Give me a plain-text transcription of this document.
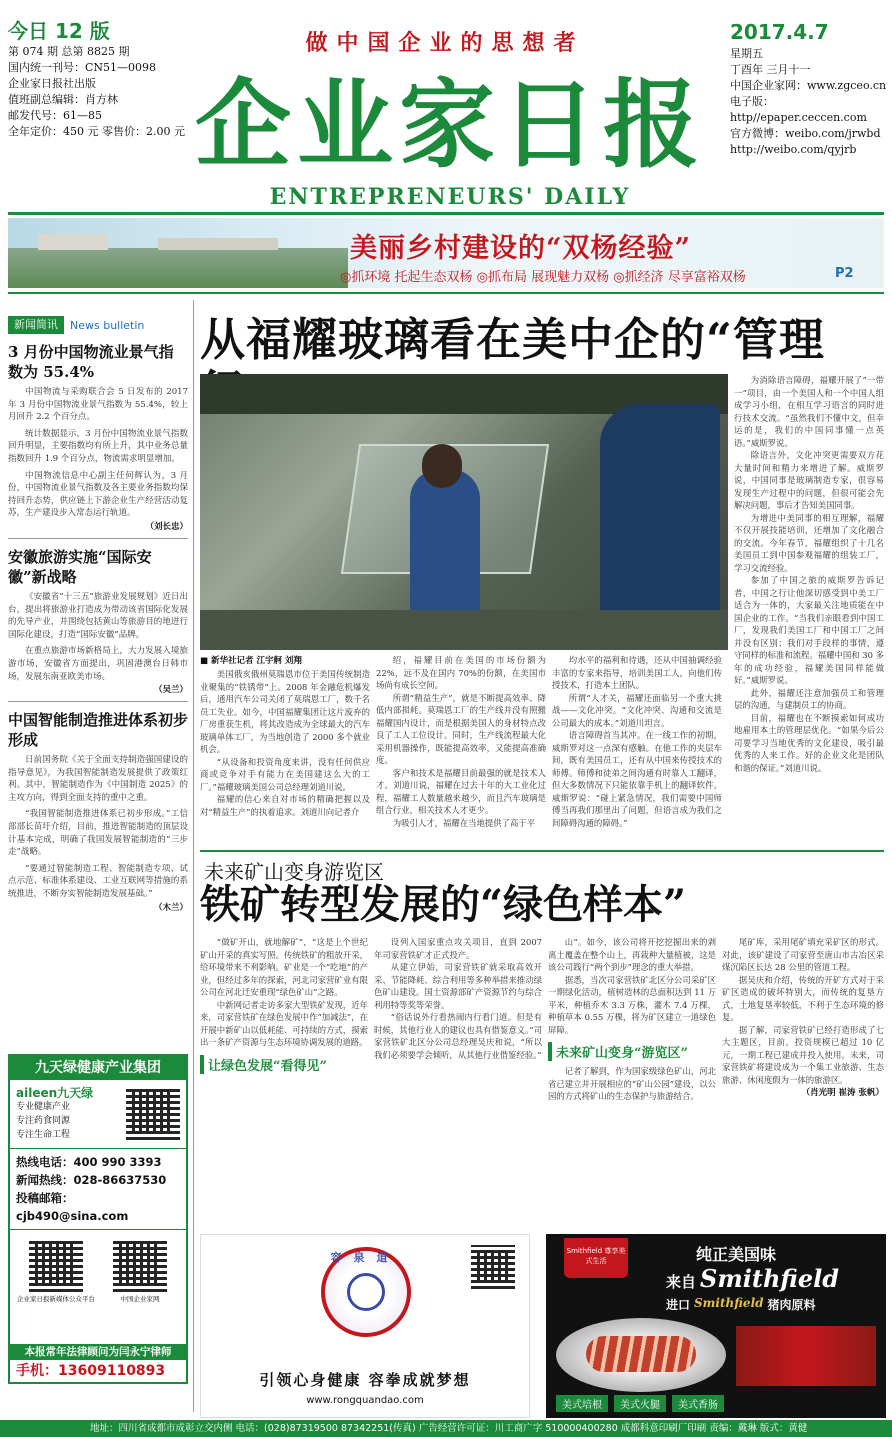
今日 12 版
第 074 期 总第 8825 期
国内统一刊号：CN51—0098
企业家日报社出版
值班副总编辑：肖方林
邮发代号：61—85
全年定价：450 元 零售价：2.00 元
做中国企业的思想者
企业家日报
ENTREPRENEURS' DAILY
2017.4.7
星期五
丁酉年 三月十一
中国企业家网：www.zgceo.cn
电子版：http//epaper.ceccen.com
官方微博：weibo.com/jrwbd
http://weibo.com/qyjrb
美丽乡村建设的“双杨经验”
◎抓环境 托起生态双杨 ◎抓布局 展现魅力双杨 ◎抓经济 尽享富裕双杨	P2
新闻简讯	News bulletin
3 月份中国物流业景气指数为 55.4%
中国物流与采购联合会 5 日发布的 2017 年 3 月份中国物流业景气指数为 55.4%，较上月回升 2.2 个百分点。
统计数据显示，3 月份中国物流业景气指数回升明显，主要指数均有所上升，其中业务总量指数回升 1.9 个百分点，物流需求明显增加。
中国物流信息中心副主任何辉认为，3 月份，中国物流业景气指数及各主要业务指数均保持回升态势，供应链上下游企业生产经营活动复苏，生产建设步入常态运行轨道。
（刘长忠）
安徽旅游实施“国际安徽”新战略
《安徽省“十三五”旅游业发展规划》近日出台，提出将旅游业打造成为带动该省国际化发展的先导产业，并围绕包括黄山等旅游目的地进行国际化建设，打造“国际安徽”品牌。
在重点旅游市场新格局上，大力发展入境旅游市场，安徽省方面提出，巩固港澳台日韩市场，发展东南亚欧美市场。
（吴兰）
中国智能制造推进体系初步形成
日前国务院《关于全面支持制造强国建设的指导意见》，为我国智能制造发展提供了政策红利。其中，智能制造作为《中国制造 2025》的主攻方向，得到全面支持的重中之重。
“我国智能制造推进体系已初步形成。”工信部部长苗圩介绍，目前，推进智能制造的顶层设计基本完成，明确了我国发展智能制造的“三步走”战略。
“要通过智能制造工程、智能制造专项、试点示范、标准体系建设、工业互联网等措施的系统推进，不断夯实智能制造发展基础。”
（木兰）
九天绿健康产业集团
aileen九天绿
专业健康产业
专注药食同源
专注生命工程
热线电话：400 990 3393
新闻热线：028-86637530
投稿邮箱：cjb490@sina.com
企业家日报新媒体公众平台	中国企业家网
本报常年法律顾问为闫永宁律师
手机：13609110893
从福耀玻璃看在美中企的“管理
■ 新华社记者 江宇舸 刘翔

美国俄亥俄州莫瑞恩市位于美国传统制造业聚集的“铁锈带”上。2008 年金融危机爆发后，通用汽车公司关闭了莫瑞恩工厂，数千名员工失业。如今，中国福耀集团让这片废弃的厂房重获生机，将其改造成为全球最大的汽车玻璃单体工厂，为当地创造了 2000 多个就业机会。

“从设备和投资角度来讲，没有任何供应商或竞争对手有能力在美国建这么大的工厂。”福耀玻璃美国公司总经理刘道川说。

福耀的信心来自对市场的精确把握以及对“精益生产”的执着追求。刘道川向记者介

绍，福耀目前在美国的市场份额为 22%，远不及在国内 70%的份额，在美国市场尚有成长空间。

所谓“精益生产”，就是不断提高效率、降低内部损耗。莫瑞恩工厂的生产线并没有照搬福耀国内设计，而是根据美国人的身材特点改良了工人工位设计。同时，生产线流程最大化采用机器操作，既能提高效率，又能提高准确度。

客户和技术是福耀目前最强的就是技术人才。刘道川说，福耀在过去十年的大工业化过程，福耀工人数量越来越少，而且汽车玻璃是组合行业，相关技术人才更少。

为吸引人才，福耀在当地提供了高于平

均水平的福利和待遇，还从中国抽调经验丰富的专家来指导，培训美国工人，向他们传授技术，打造本土团队。

所谓“人才关，福耀还面临另一个重大挑战——文化冲突。“文化冲突、沟通和交流是公司最大的成本。”刘道川坦言。

语言障碍首当其冲。在一线工作的初期，威斯罗对这一点深有感触。在他工作的夹层车间，既有美国员工，还有从中国来传授技术的师傅。师傅和徒弟之间沟通有时靠人工翻译，但大多数情况下只能依靠手机上的翻译软件。威斯罗说：“碰上紧急情况，我们需要中国师傅当再我们那里出了问题，但语言成为我们之间障碍沟通的障碍。”

为消除语言障碍，福耀开展了“一带一”项目，由一个美国人和一个中国人组成学习小组，在相互学习语言的同时进行技术交流。“虽然我们不懂中文，但幸运的是，我们的中国同事懂一点英语。”威斯罗说。

除语言外，文化冲突更需要双方花大量时间和精力来增进了解。威斯罗说，中国同事是玻璃制造专家，很容易发现生产过程中的问题，但很可能会先解决问题，事后才告知美国同事。

为增进中美同事的相互理解，福耀不仅开展技能培训，还增加了文化融合的交流。今年春节，福耀组织了十几名美国员工到中国参观福耀的组装工厂，学习交流经验。

参加了中国之旅的威斯罗告诉记者，中国之行让他深切感受到中美工厂适合为一体的，大家最关注地质能在中国企业的工作。“当我们亲眼看到中国工厂，发现我们美国工厂和中国工厂之间并没有区别；我们对手段样的事情，遵守同样的标准和流程。福耀中国和 30 多年的成功经验，福耀美国同样能做好。”威斯罗说。

此外，福耀还注意加强员工和管理层的沟通，与建制员工的协商。

目前，福耀也在不断摸索如何成功地雇用本土的管理层优化。“如果今后公司要学习当地优秀的文化建设，吸引最优秀的人来工作。好的企业文化是团队和谐的保证。”刘道川说。

未来矿山变身游览区
铁矿转型发展的“绿色样本”

“做矿开山，就地解矿”，“这是上个世纪矿山开采的真实写照。传统铁矿的粗放开采，给环境带来不利影响。矿业是一个“吃地”的产业，但经过多年的探索，河北司家营矿业有限公司在河北迁安重现“绿色矿山”之路。

中新网记者走访多家大型铁矿发现，近年来，司家营铁矿在绿色发展中作“加减法”，在开展中新矿山以低耗能、可持续的方式，摸索出一条矿产资源与生态环境协调发展的道路。

让绿色发展“看得见”

设列入国家重点攻关项目，直到 2007 年司家营铁矿才正式投产。

从建立伊始，司家营铁矿就采取高效开采、节能降耗、综合利用等多种举措来推动绿色矿山建设。国土资源部矿产资源节约与综合利用特等奖等荣誉。

“俗话说外行看热闹内行看门道。但是有时候，其他行业人的建议也具有借鉴意义。”司家营铁矿北区分公司总经理吴庆和说，“所以我们必须要学会倾听，从其他行业借鉴经验。”

山”。如今，该公司将开挖挖掘出来的剥离土覆盖在整个山上，再栽种大量植被，这是该公司践行“两个到步”理念的重大举措。

据悉，当次司家营铁矿北区分公司采矿区一期绿化活动，植树造林的总面积达到 11 万平米，种植乔木 3.3 万株，灌木 7.4 万棵，种植草本 0.55 万棵，将为矿区建立一道绿色屏障。

未来矿山变身“游览区”

记者了解到，作为国家级绿色矿山，河北省已建立并开展相应的“矿山公园”建设，以公园的方式将矿山的生态保护与旅游结合。

尾矿库，采用尾矿填充采矿区的形式。对此，该矿建设了司家营至唐山市古冶区采煤沉陷区长达 28 公里的管道工程。

据吴庆和介绍，传统的开矿方式对于采矿区造成的破坏特别大，而传统的复垦方式，土地复垦率较低，不利于生态环境的修复。

据了解，司家营铁矿已经打造形成了七大主题区，目前，投资规模已超过 10 亿元，一期工程已建成并投入使用。未来，司家营铁矿将建设成为一个集工业旅游、生态旅游、休闲度假为一体的旅游区。

（肖光明 崔涛 张帆）
容泉道
引领心身健康 容拳成就梦想
www.rongquandao.com
Smithfield 尊享美式生活	纯正美国味
来自 Smithfield
进口 Smithfield 猪肉原料
美式培根	美式火腿	美式香肠
地址：四川省成都市成彰立交内侧 电话：(028)87319500 87342251(传真) 广告经营许可证：川工商广字 510000400280 成都科意印刷厂印刷 责编：戴琳 版式：黄健
